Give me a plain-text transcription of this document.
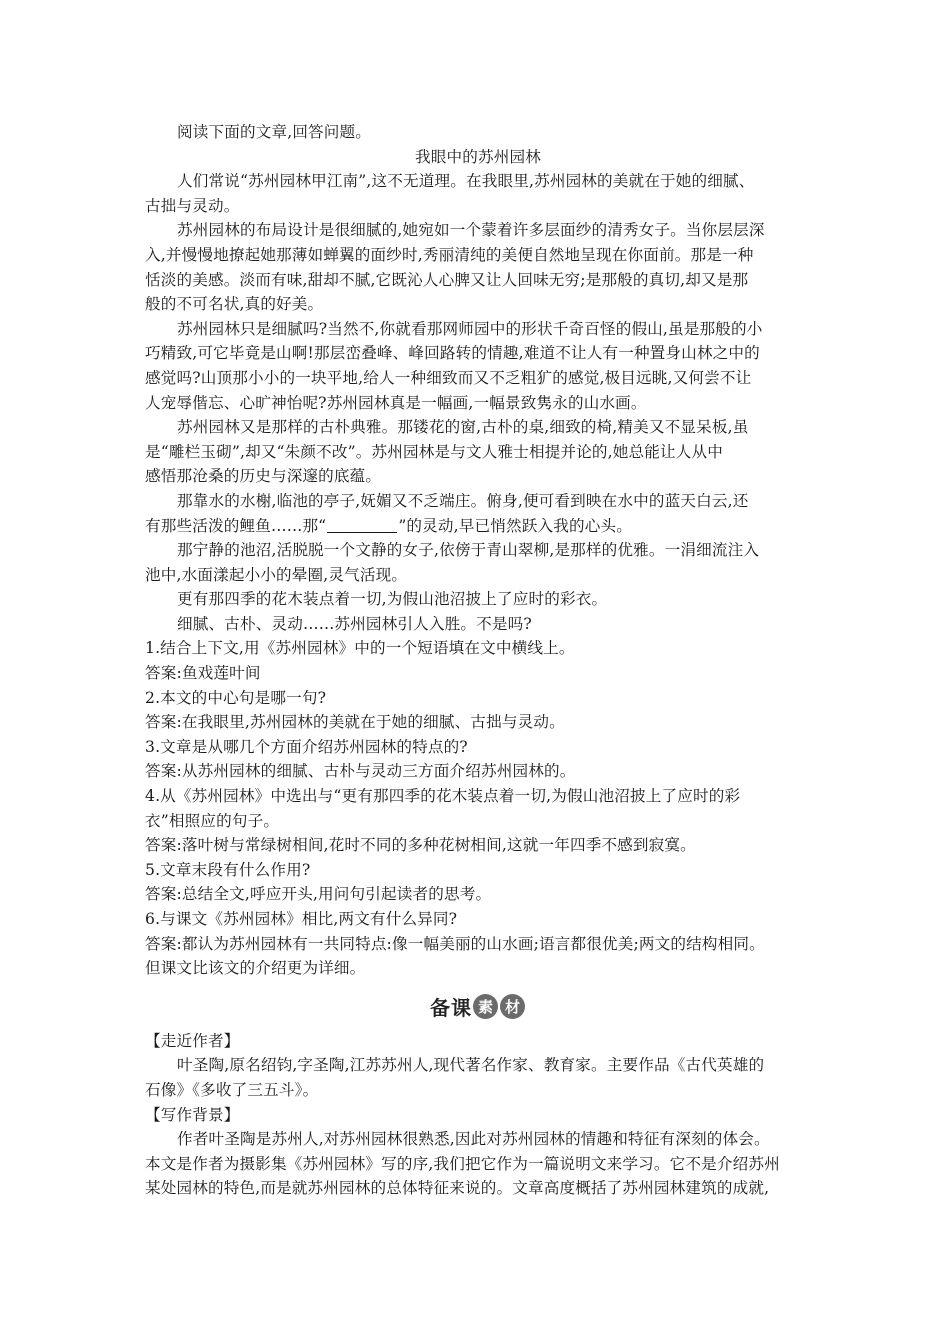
阅读下面的文章,回答问题。
我眼中的苏州园林
人们常说“苏州园林甲江南”,这不无道理。在我眼里,苏州园林的美就在于她的细腻、
古拙与灵动。
苏州园林的布局设计是很细腻的,她宛如一个蒙着许多层面纱的清秀女子。当你层层深
入,并慢慢地撩起她那薄如蝉翼的面纱时,秀丽清纯的美便自然地呈现在你面前。那是一种
恬淡的美感。淡而有味,甜却不腻,它既沁人心脾又让人回味无穷;是那般的真切,却又是那
般的不可名状,真的好美。
苏州园林只是细腻吗?当然不,你就看那网师园中的形状千奇百怪的假山,虽是那般的小
巧精致,可它毕竟是山啊!那层峦叠峰、峰回路转的情趣,难道不让人有一种置身山林之中的
感觉吗?山顶那小小的一块平地,给人一种细致而又不乏粗犷的感觉,极目远眺,又何尝不让
人宠辱偕忘、心旷神怡呢?苏州园林真是一幅画,一幅景致隽永的山水画。
苏州园林又是那样的古朴典雅。那镂花的窗,古朴的桌,细致的椅,精美又不显呆板,虽
是“雕栏玉砌”,却又“朱颜不改”。苏州园林是与文人雅士相提并论的,她总能让人从中
感悟那沧桑的历史与深邃的底蕴。
那靠水的水榭,临池的亭子,妩媚又不乏端庄。俯身,便可看到映在水中的蓝天白云,还
有那些活泼的鲤鱼……那“	”的灵动,早已悄然跃入我的心头。
那宁静的池沼,活脱脱一个文静的女子,依傍于青山翠柳,是那样的优雅。一涓细流注入
池中,水面漾起小小的晕圈,灵气活现。
更有那四季的花木装点着一切,为假山池沼披上了应时的彩衣。
细腻、古朴、灵动……苏州园林引人入胜。不是吗?
1.结合上下文,用《苏州园林》中的一个短语填在文中横线上。
答案:鱼戏莲叶间
2.本文的中心句是哪一句?
答案:在我眼里,苏州园林的美就在于她的细腻、古拙与灵动。
3.文章是从哪几个方面介绍苏州园林的特点的?
答案:从苏州园林的细腻、古朴与灵动三方面介绍苏州园林的。
4.从《苏州园林》中选出与“更有那四季的花木装点着一切,为假山池沼披上了应时的彩
衣”相照应的句子。
答案:落叶树与常绿树相间,花时不同的多种花树相间,这就一年四季不感到寂寞。
5.文章末段有什么作用?
答案:总结全文,呼应开头,用问句引起读者的思考。
6.与课文《苏州园林》相比,两文有什么异同?
答案:都认为苏州园林有一共同特点:像一幅美丽的山水画;语言都很优美;两文的结构相同。
但课文比该文的介绍更为详细。
备 课 素 材
【走近作者】
叶圣陶,原名绍钧,字圣陶,江苏苏州人,现代著名作家、教育家。主要作品《古代英雄的
石像》《多收了三五斗》。
【写作背景】
作者叶圣陶是苏州人,对苏州园林很熟悉,因此对苏州园林的情趣和特征有深刻的体会。
本文是作者为摄影集《苏州园林》写的序,我们把它作为一篇说明文来学习。它不是介绍苏州
某处园林的特色,而是就苏州园林的总体特征来说的。文章高度概括了苏州园林建筑的成就,
